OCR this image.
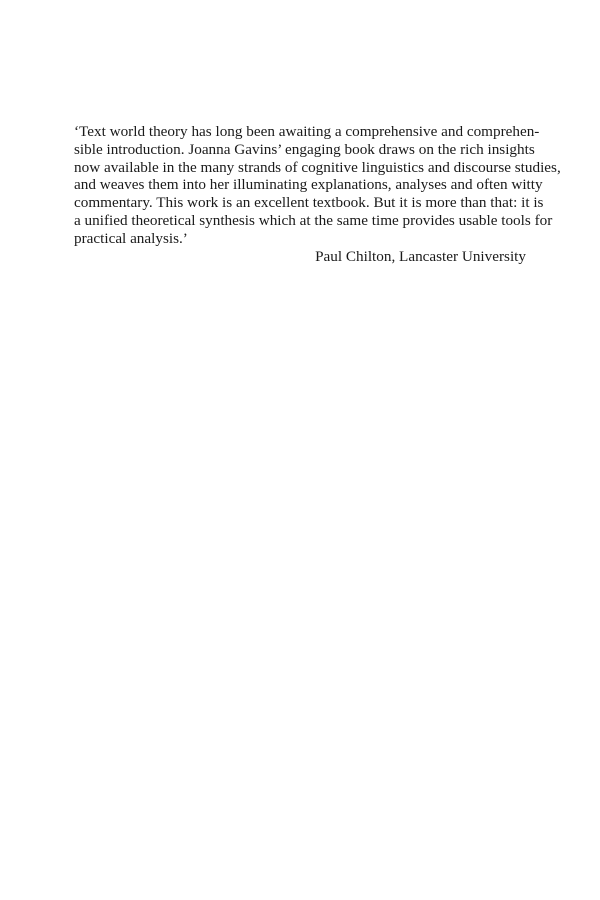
‘Text world theory has long been awaiting a comprehensive and comprehen-
sible introduction. Joanna Gavins’ engaging book draws on the rich insights
now available in the many strands of cognitive linguistics and discourse studies,
and weaves them into her illuminating explanations, analyses and often witty
commentary. This work is an excellent textbook. But it is more than that: it is
a unified theoretical synthesis which at the same time provides usable tools for
practical analysis.’
Paul Chilton, Lancaster University
